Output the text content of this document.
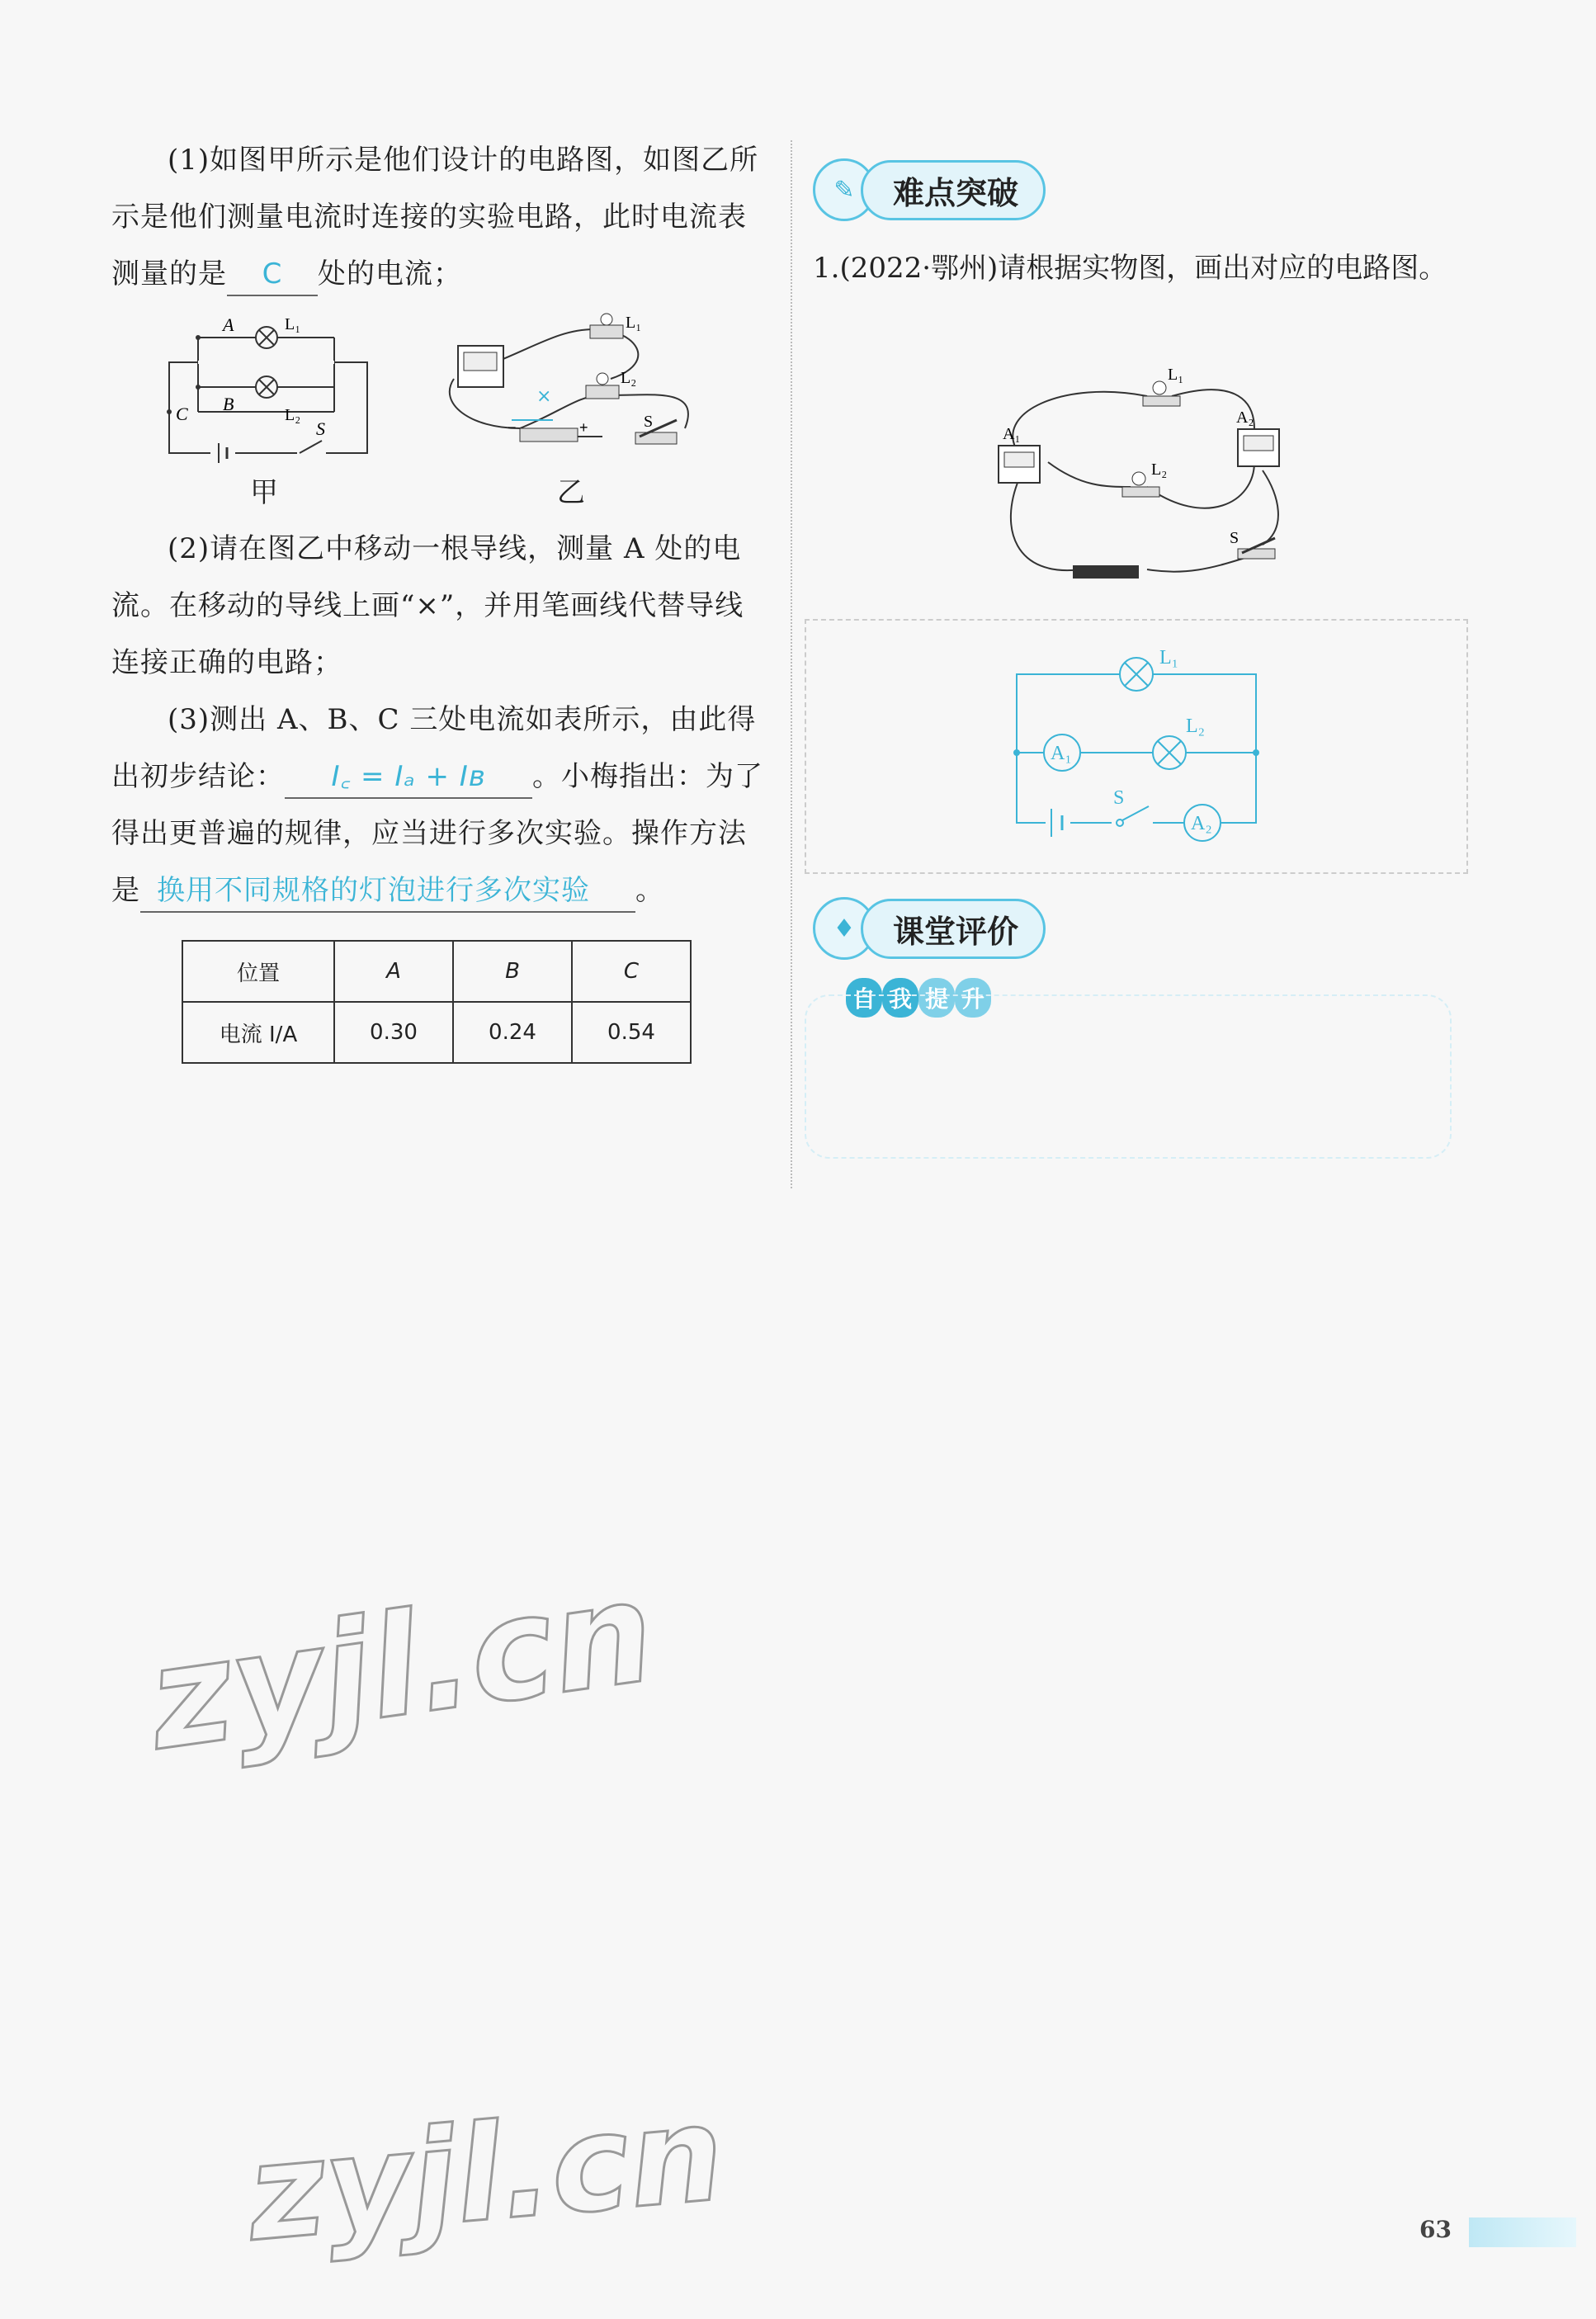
(1)如图甲所示是他们设计的电路图，如图乙所示是他们测量电流时连接的实验电路，此时电流表测量的是 C 处的电流；

A	L₁
B
L₂
C
S
甲
×
L₁
L₂
S
+
−
乙

(2)请在图乙中移动一根导线，测量 A 处的电流。在移动的导线上画“×”，并用笔画线代替导线连接正确的电路；

(3)测出 A、B、C 三处电流如表所示，由此得出初步结论： I꜀ = Iₐ + Iʙ 。小梅指出：为了得出更普遍的规律，应当进行多次实验。操作方法是 换用不同规格的灯泡进行多次实验 。

位置	A	B	C
电流 I/A	0.30	0.24	0.54
✎	难点突破

1.(2022·鄂州)请根据实物图，画出对应的电路图。

L₁
L₂
A₁
A₂
S
L₁
L₂
A₁
A₂
S
♦	课堂评价
自 我 提 升
zyjl.cn
zyjl.cn	63
